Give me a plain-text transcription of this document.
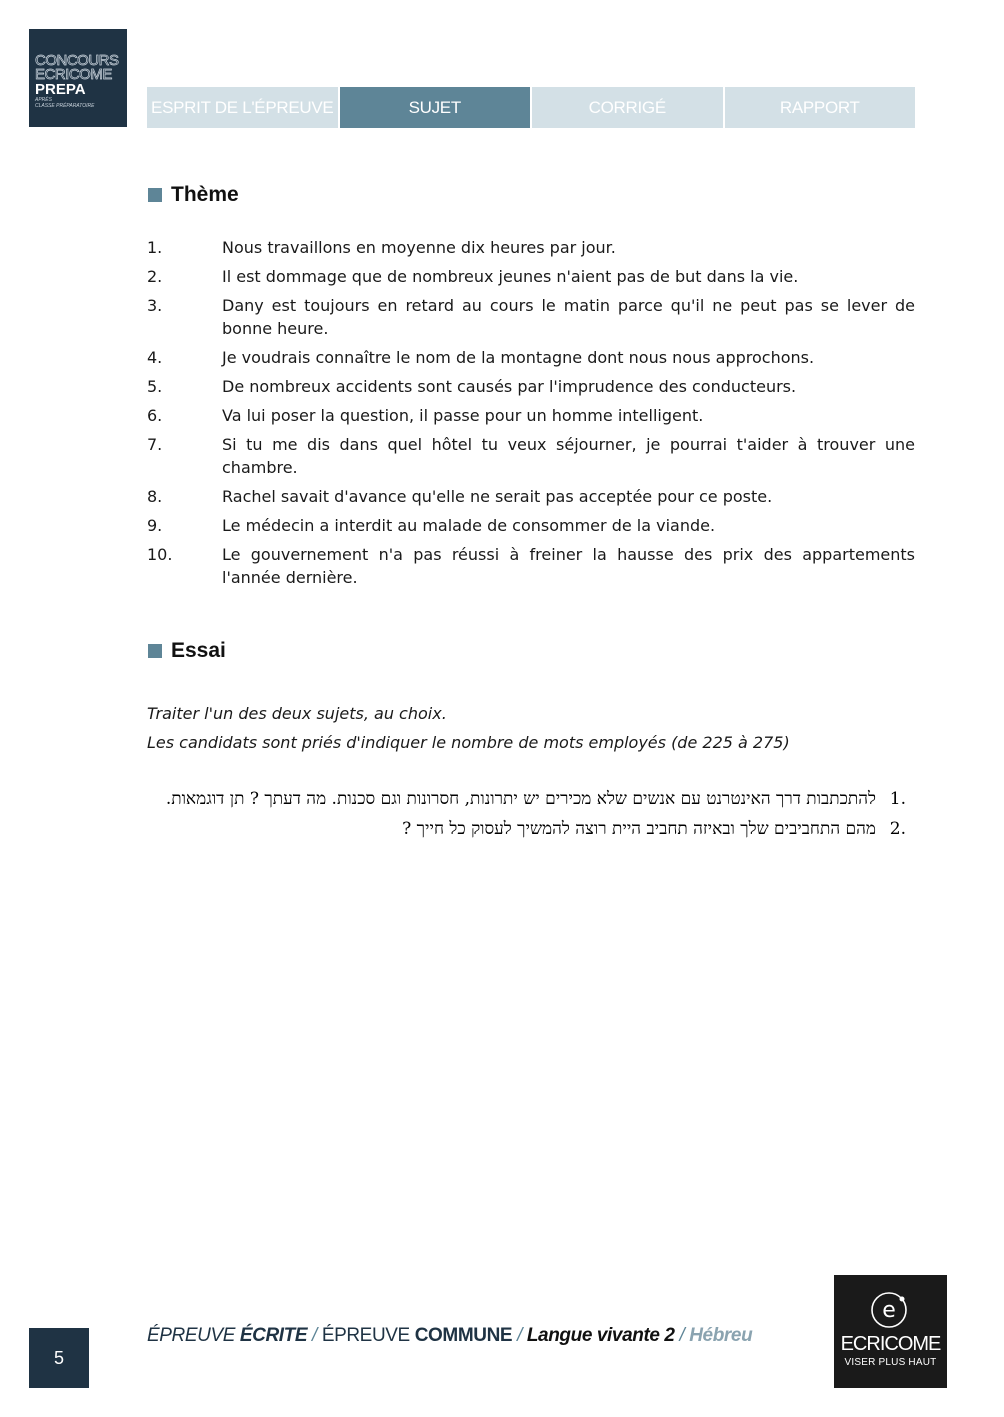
CONCOURS
ECRICOME
PREPA
APRÈS
CLASSE PRÉPARATOIRE	ESPRIT DE L'ÉPREUVE	SUJET	CORRIGÉ	RAPPORT
Thème
1.	Nous travaillons en moyenne dix heures par jour.
2.	Il est dommage que de nombreux jeunes n'aient pas de but dans la vie.
3.	Dany est toujours en retard au cours le matin parce qu'il ne peut pas se lever de bonne heure.
4.	Je voudrais connaître le nom de la montagne dont nous nous approchons.
5.	De nombreux accidents sont causés par l'imprudence des conducteurs.
6.	Va lui poser la question, il passe pour un homme intelligent.
7.	Si tu me dis dans quel hôtel tu veux séjourner, je pourrai t'aider à trouver une chambre.
8.	Rachel savait d'avance qu'elle ne serait pas acceptée pour ce poste.
9.	Le médecin a interdit au malade de consommer de la viande.
10.	Le gouvernement n'a pas réussi à freiner la hausse des prix des appartements l'année dernière.
Essai
Traiter l'un des deux sujets, au choix.
Les candidats sont priés d'indiquer le nombre de mots employés (de 225 à 275)
1.
להתכתבות דרך האינטרנט עם אנשים שלא מכירים יש יתרונות, חסרונות וגם סכנות. מה דעתך ? תן דוגמאות.
2.
מהם התחביבים שלך ובאיזה תחביב היית רוצה להמשיך לעסוק כל חייך ?
5
ÉPREUVE ÉCRITE / ÉPREUVE COMMUNE / Langue vivante 2 / Hébreu
e
ECRICOME
VISER PLUS HAUT
